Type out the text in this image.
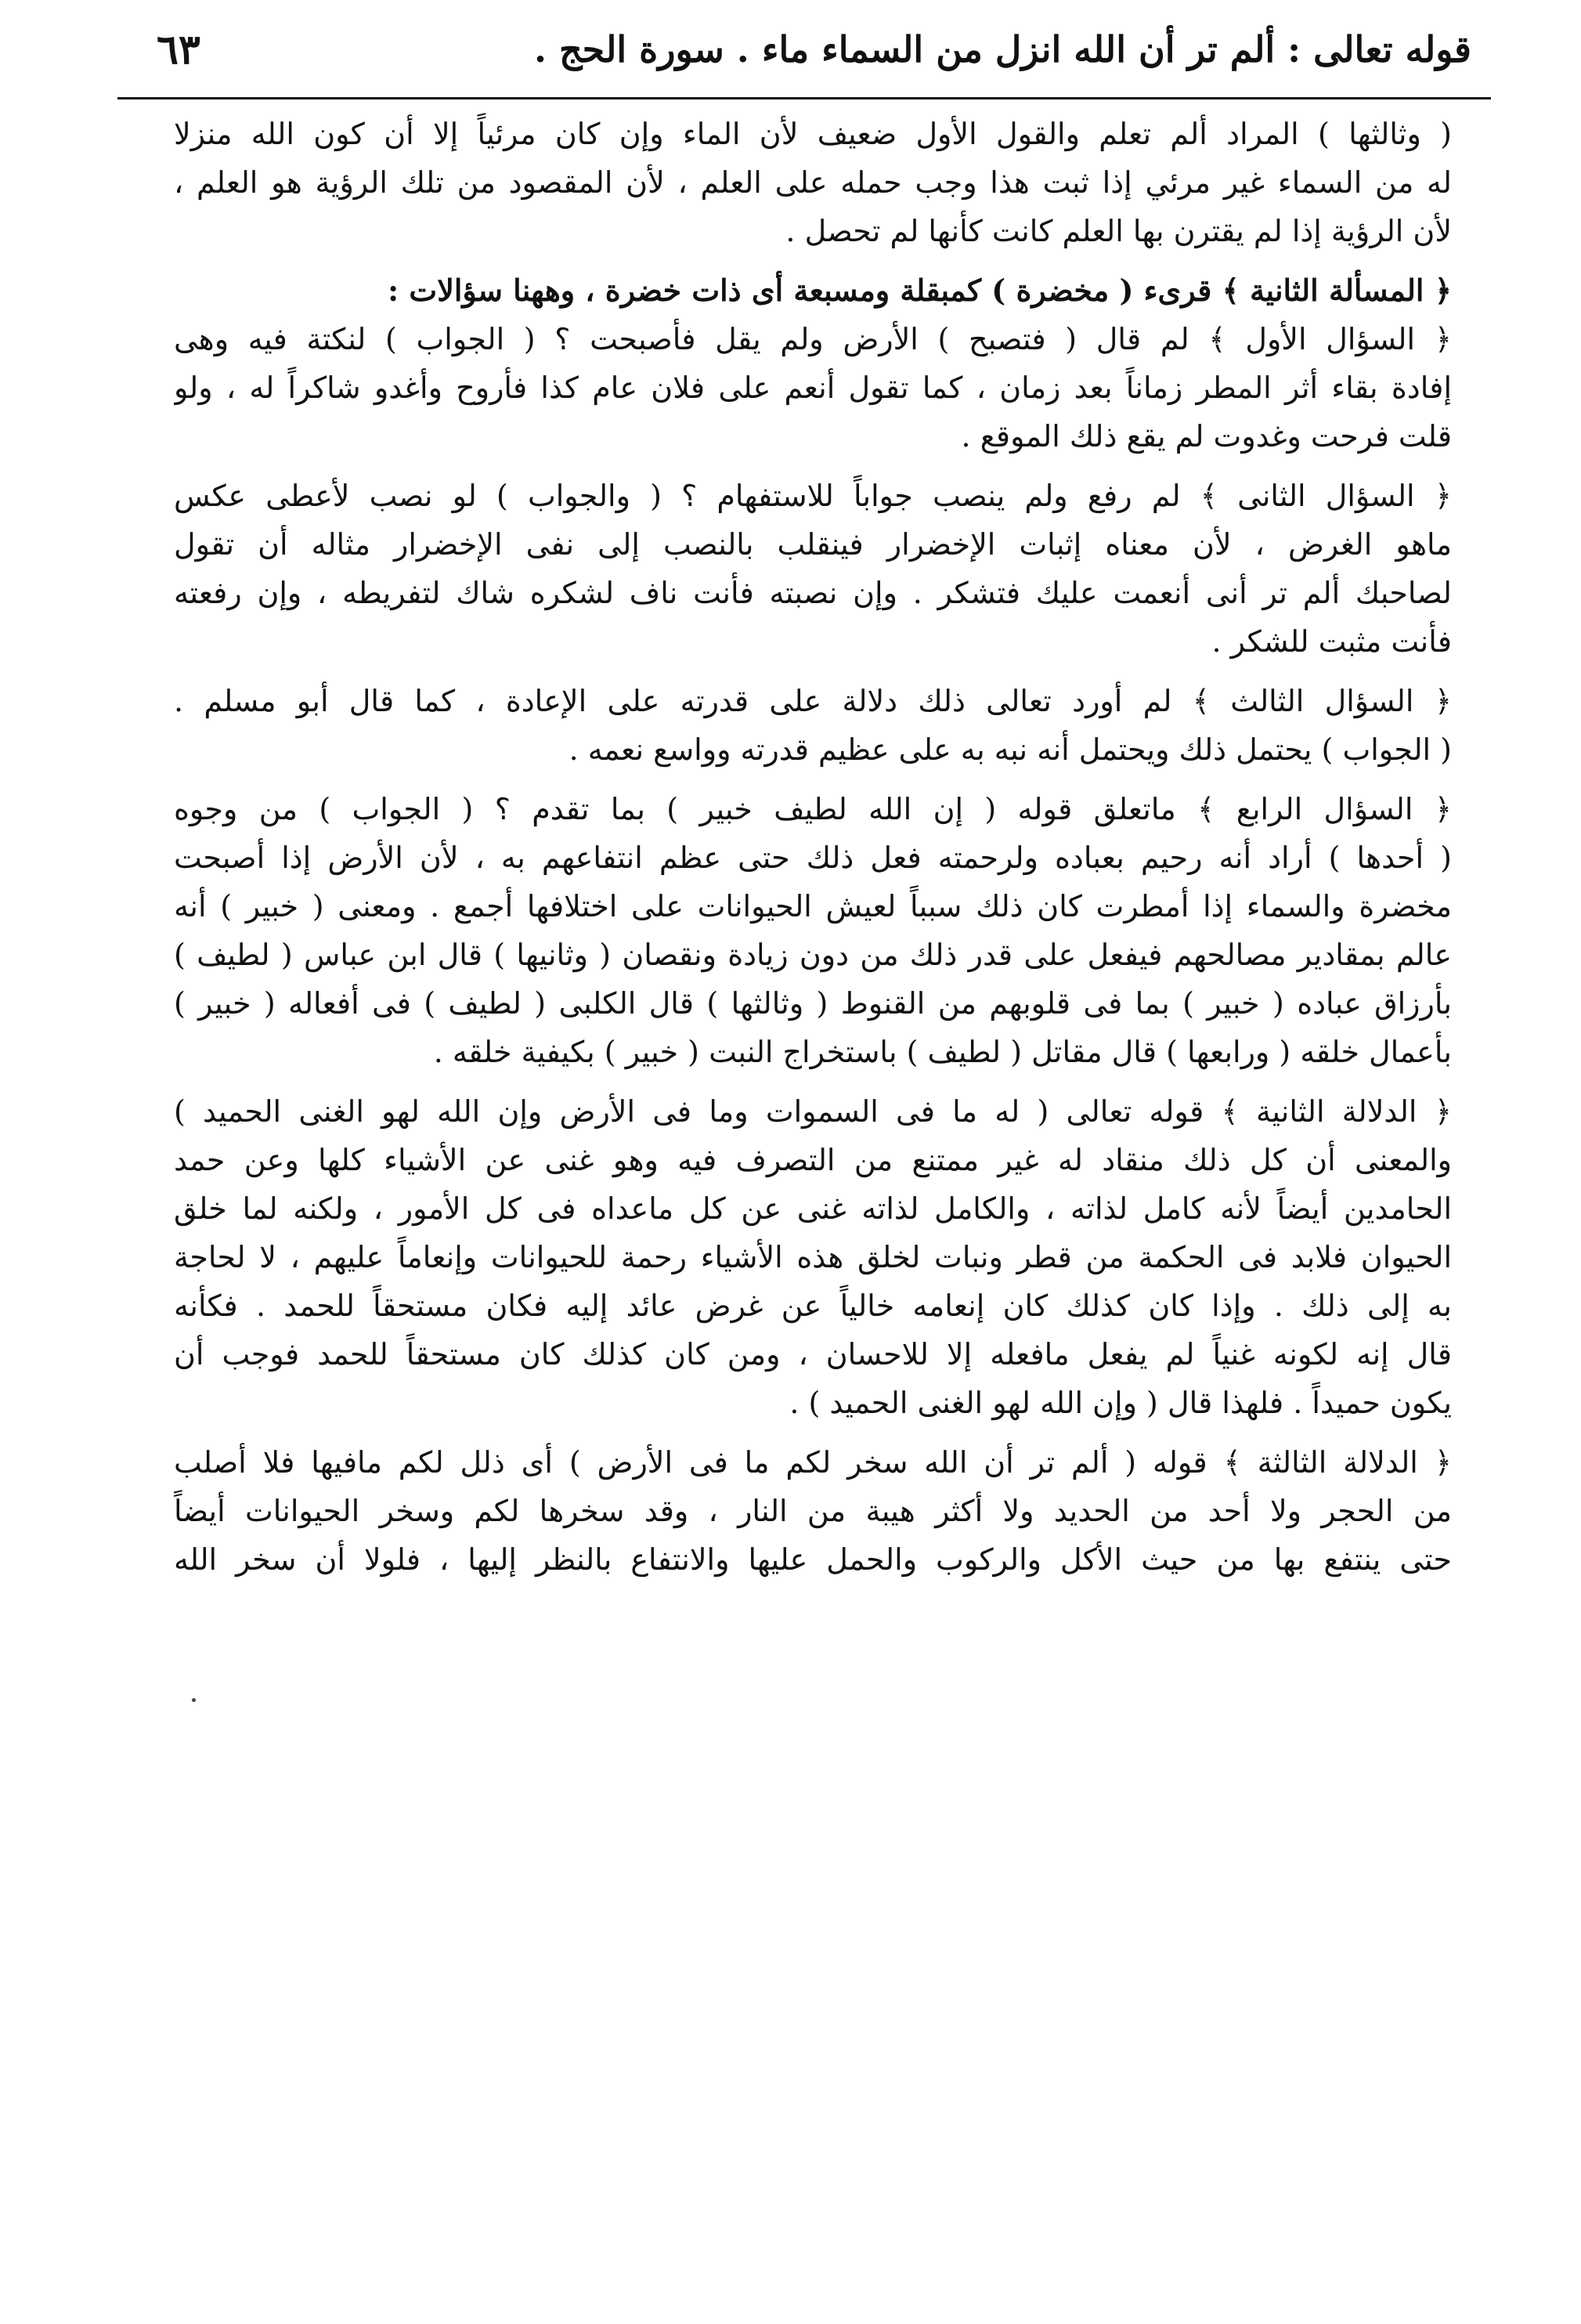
قوله تعالى : ألم تر أن الله انزل من السماء ماء . سورة الحج .
٦٣
( وثالثها ) المراد ألم تعلم والقول الأول ضعيف لأن الماء وإن كان مرئياً إلا أن كون الله منزلا
له من السماء غير مرئي إذا ثبت هذا وجب حمله على العلم ، لأن المقصود من تلك الرؤية هو العلم ،
لأن الرؤية إذا لم يقترن بها العلم كانت كأنها لم تحصل .
﴿ المسألة الثانية ﴾ قرىء ( مخضرة ) كمبقلة ومسبعة أى ذات خضرة ، وههنا سؤالات :
﴿ السؤال الأول ﴾ لم قال ( فتصبح ) الأرض ولم يقل فأصبحت ؟ ( الجواب ) لنكتة فيه وهى
إفادة بقاء أثر المطر زماناً بعد زمان ، كما تقول أنعم على فلان عام كذا فأروح وأغدو شاكراً له ، ولو
قلت فرحت وغدوت لم يقع ذلك الموقع .
﴿ السؤال الثانى ﴾ لم رفع ولم ينصب جواباً للاستفهام ؟ ( والجواب ) لو نصب لأعطى عكس
ماهو الغرض ، لأن معناه إثبات الإخضرار فينقلب بالنصب إلى نفى الإخضرار مثاله أن تقول
لصاحبك ألم تر أنى أنعمت عليك فتشكر . وإن نصبته فأنت ناف لشكره شاك لتفريطه ، وإن رفعته
فأنت مثبت للشكر .
﴿ السؤال الثالث ﴾ لم أورد تعالى ذلك دلالة على قدرته على الإعادة ، كما قال أبو مسلم .
( الجواب ) يحتمل ذلك ويحتمل أنه نبه به على عظيم قدرته وواسع نعمه .
﴿ السؤال الرابع ﴾ ماتعلق قوله ( إن الله لطيف خبير ) بما تقدم ؟ ( الجواب ) من وجوه
( أحدها ) أراد أنه رحيم بعباده ولرحمته فعل ذلك حتى عظم انتفاعهم به ، لأن الأرض إذا أصبحت
مخضرة والسماء إذا أمطرت كان ذلك سبباً لعيش الحيوانات على اختلافها أجمع . ومعنى ( خبير ) أنه
عالم بمقادير مصالحهم فيفعل على قدر ذلك من دون زيادة ونقصان ( وثانيها ) قال ابن عباس ( لطيف )
بأرزاق عباده ( خبير ) بما فى قلوبهم من القنوط ( وثالثها ) قال الكلبى ( لطيف ) فى أفعاله ( خبير )
بأعمال خلقه ( ورابعها ) قال مقاتل ( لطيف ) باستخراج النبت ( خبير ) بكيفية خلقه .
﴿ الدلالة الثانية ﴾ قوله تعالى ( له ما فى السموات وما فى الأرض وإن الله لهو الغنى الحميد )
والمعنى أن كل ذلك منقاد له غير ممتنع من التصرف فيه وهو غنى عن الأشياء كلها وعن حمد
الحامدين أيضاً لأنه كامل لذاته ، والكامل لذاته غنى عن كل ماعداه فى كل الأمور ، ولكنه لما خلق
الحيوان فلابد فى الحكمة من قطر ونبات لخلق هذه الأشياء رحمة للحيوانات وإنعاماً عليهم ، لا لحاجة
به إلى ذلك . وإذا كان كذلك كان إنعامه خالياً عن غرض عائد إليه فكان مستحقاً للحمد . فكأنه
قال إنه لكونه غنياً لم يفعل مافعله إلا للاحسان ، ومن كان كذلك كان مستحقاً للحمد فوجب أن
يكون حميداً . فلهذا قال ( وإن الله لهو الغنى الحميد ) .
﴿ الدلالة الثالثة ﴾ قوله ( ألم تر أن الله سخر لكم ما فى الأرض ) أى ذلل لكم مافيها فلا أصلب
من الحجر ولا أحد من الحديد ولا أكثر هيبة من النار ، وقد سخرها لكم وسخر الحيوانات أيضاً
حتى ينتفع بها من حيث الأكل والركوب والحمل عليها والانتفاع بالنظر إليها ، فلولا أن سخر الله
